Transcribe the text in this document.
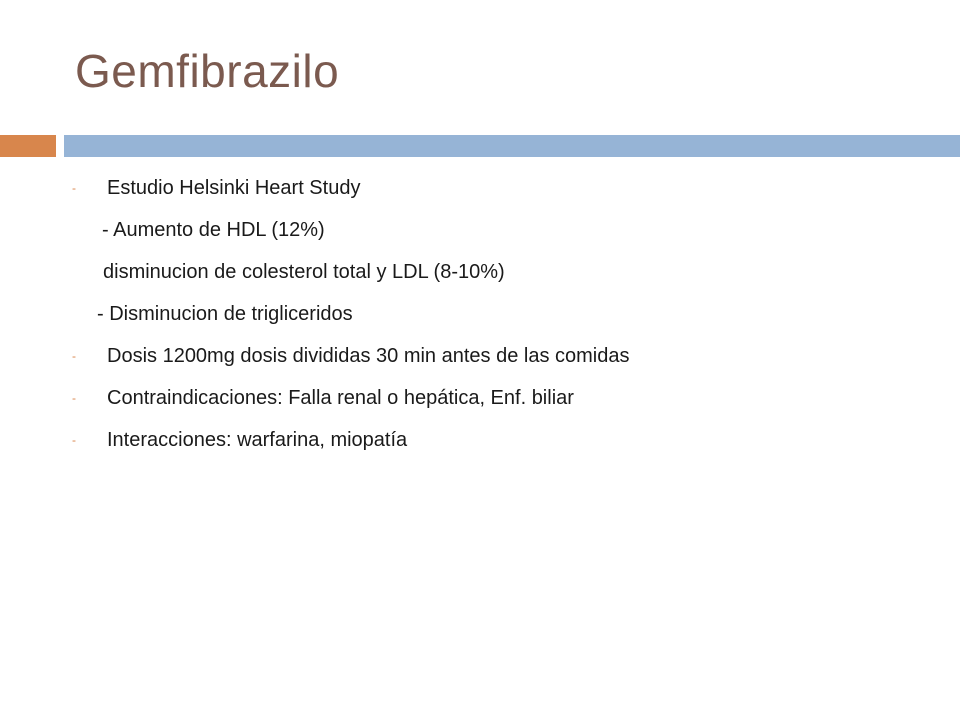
Gemfibrazilo
- Estudio Helsinki Heart Study
- Aumento de HDL (12%)
disminucion de colesterol total y LDL (8-10%)
- Disminucion de trigliceridos
- Dosis 1200mg dosis divididas 30 min antes de las comidas
- Contraindicaciones: Falla renal o hepática, Enf. biliar
- Interacciones: warfarina, miopatía
